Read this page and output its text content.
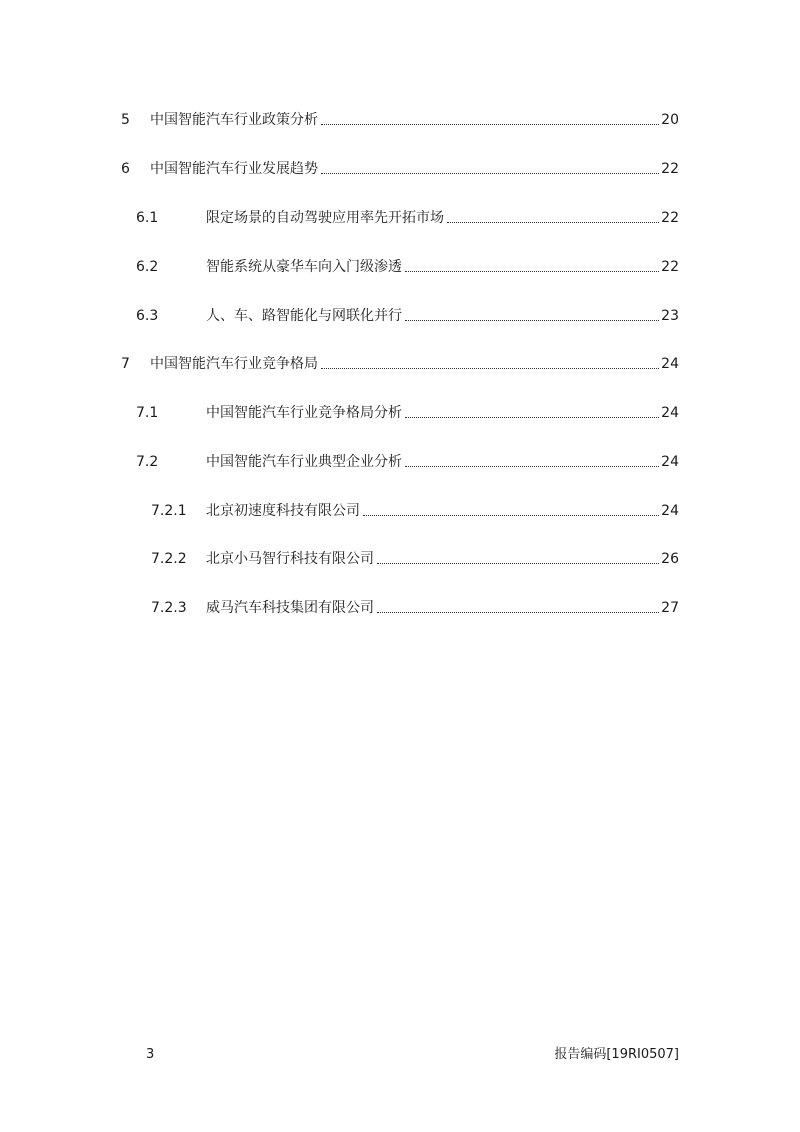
5 中国智能汽车行业政策分析	20
6 中国智能汽车行业发展趋势	22
6.1	限定场景的自动驾驶应用率先开拓市场	22
6.2	智能系统从豪华车向入门级渗透	22
6.3	人、车、路智能化与网联化并行	23
7 中国智能汽车行业竞争格局	24
7.1	中国智能汽车行业竞争格局分析	24
7.2	中国智能汽车行业典型企业分析	24
7.2.1 北京初速度科技有限公司	24
7.2.2 北京小马智行科技有限公司	26
7.2.3 威马汽车科技集团有限公司	27
3	报告编码[19RI0507]
